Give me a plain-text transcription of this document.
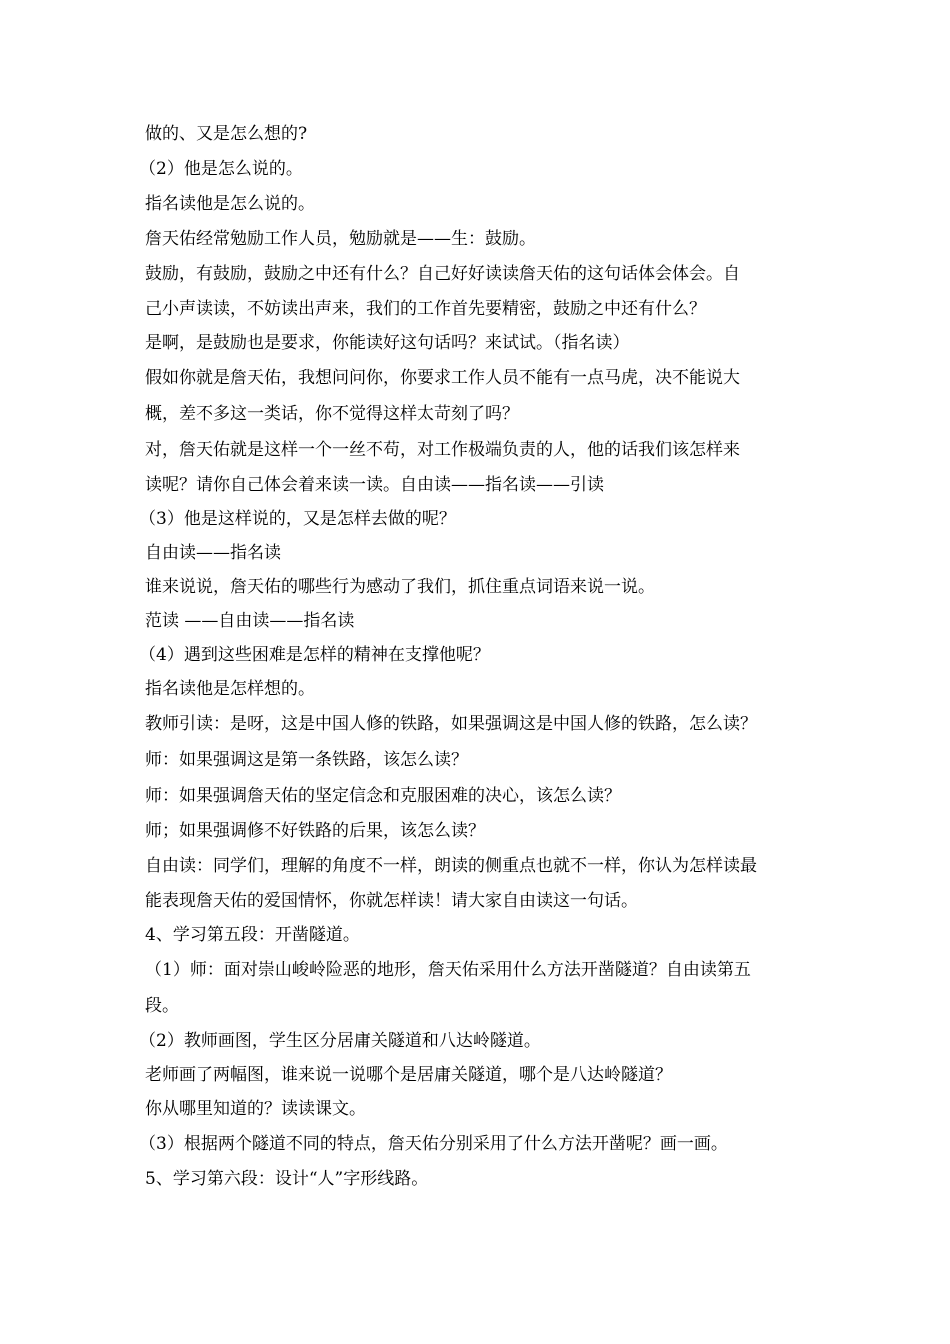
做的、又是怎么想的?
（2）他是怎么说的。
指名读他是怎么说的。
詹天佑经常勉励工作人员，勉励就是——生：鼓励。
鼓励，有鼓励，鼓励之中还有什么？自己好好读读詹天佑的这句话体会体会。自
己小声读读，不妨读出声来，我们的工作首先要精密，鼓励之中还有什么？
是啊，是鼓励也是要求，你能读好这句话吗？来试试。（指名读）
假如你就是詹天佑，我想问问你，你要求工作人员不能有一点马虎，决不能说大
概，差不多这一类话，你不觉得这样太苛刻了吗？
对，詹天佑就是这样一个一丝不苟，对工作极端负责的人，他的话我们该怎样来
读呢？请你自己体会着来读一读。自由读——指名读——引读
（3）他是这样说的，又是怎样去做的呢？
自由读——指名读
谁来说说，詹天佑的哪些行为感动了我们，抓住重点词语来说一说。
范读 ——自由读——指名读
（4）遇到这些困难是怎样的精神在支撑他呢？
指名读他是怎样想的。
教师引读：是呀，这是中国人修的铁路，如果强调这是中国人修的铁路，怎么读？
师：如果强调这是第一条铁路，该怎么读？
师：如果强调詹天佑的坚定信念和克服困难的决心，该怎么读？
师；如果强调修不好铁路的后果，该怎么读？
自由读：同学们，理解的角度不一样，朗读的侧重点也就不一样，你认为怎样读最
能表现詹天佑的爱国情怀，你就怎样读！请大家自由读这一句话。
4、学习第五段：开凿隧道。
（1）师：面对崇山峻岭险恶的地形，詹天佑采用什么方法开凿隧道？自由读第五
段。
（2）教师画图，学生区分居庸关隧道和八达岭隧道。
老师画了两幅图，谁来说一说哪个是居庸关隧道，哪个是八达岭隧道？
你从哪里知道的？读读课文。
（3）根据两个隧道不同的特点，詹天佑分别采用了什么方法开凿呢？画一画。
5、学习第六段：设计“人”字形线路。
